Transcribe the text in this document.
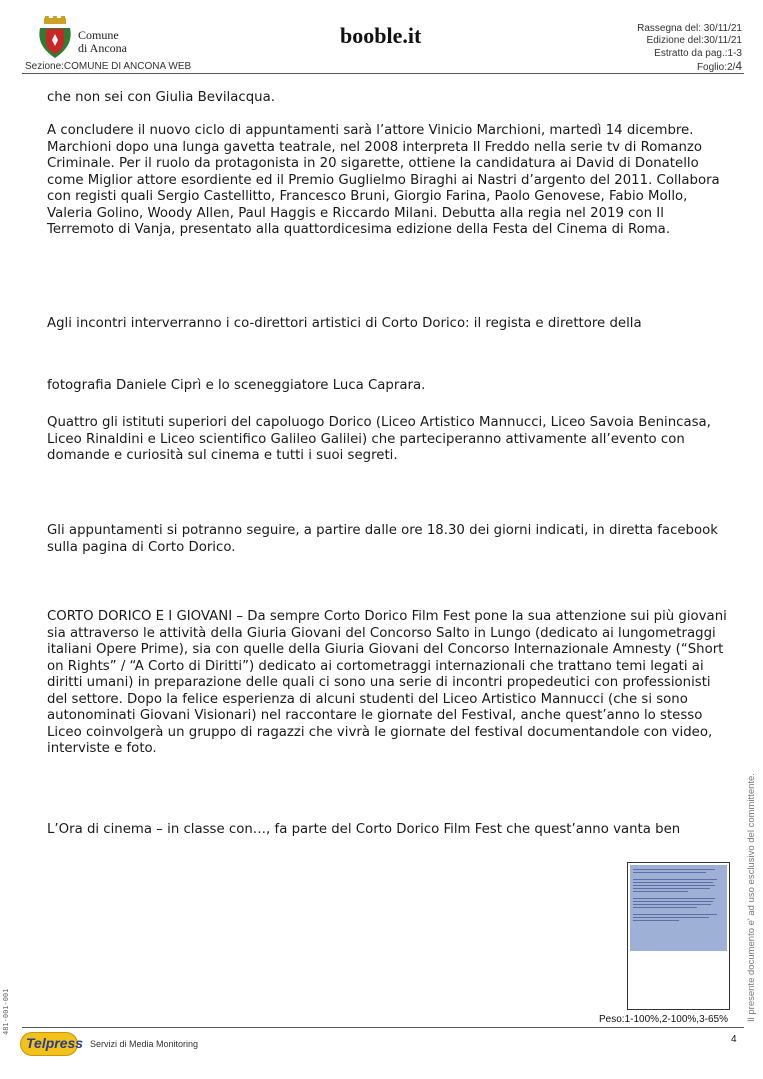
Comune
di Ancona	booble.it	Rassegna del: 30/11/21
Edizione del:30/11/21
Estratto da pag.:1-3
Foglio:2/4
Sezione:COMUNE DI ANCONA WEB
che non sei con Giulia Bevilacqua.
A concludere il nuovo ciclo di appuntamenti sarà l’attore Vinicio Marchioni, martedì 14 dicembre. Marchioni dopo una lunga gavetta teatrale, nel 2008 interpreta Il Freddo nella serie tv di Romanzo Criminale. Per il ruolo da protagonista in 20 sigarette, ottiene la candidatura ai David di Donatello come Miglior attore esordiente ed il Premio Guglielmo Biraghi ai Nastri d’argento del 2011. Collabora con registi quali Sergio Castellitto, Francesco Bruni, Giorgio Farina, Paolo Genovese, Fabio Mollo, Valeria Golino, Woody Allen, Paul Haggis e Riccardo Milani. Debutta alla regia nel 2019 con Il Terremoto di Vanja, presentato alla quattordicesima edizione della Festa del Cinema di Roma.
Agli incontri interverranno i co-direttori artistici di Corto Dorico: il regista e direttore della
fotografia Daniele Ciprì e lo sceneggiatore Luca Caprara.
Quattro gli istituti superiori del capoluogo Dorico (Liceo Artistico Mannucci, Liceo Savoia Benincasa, Liceo Rinaldini e Liceo scientifico Galileo Galilei) che parteciperanno attivamente all’evento con domande e curiosità sul cinema e tutti i suoi segreti.
Gli appuntamenti si potranno seguire, a partire dalle ore 18.30 dei giorni indicati, in diretta facebook sulla pagina di Corto Dorico.
CORTO DORICO E I GIOVANI – Da sempre Corto Dorico Film Fest pone la sua attenzione sui più giovani sia attraverso le attività della Giuria Giovani del Concorso Salto in Lungo (dedicato ai lungometraggi italiani Opere Prime), sia con quelle della Giuria Giovani del Concorso Internazionale Amnesty (“Short on Rights” / “A Corto di Diritti”) dedicato ai cortometraggi internazionali che trattano temi legati ai diritti umani) in preparazione delle quali ci sono una serie di incontri propedeutici con professionisti del settore. Dopo la felice esperienza di alcuni studenti del Liceo Artistico Mannucci (che si sono autonominati Giovani Visionari) nel raccontare le giornate del Festival, anche quest’anno lo stesso Liceo coinvolgerà un gruppo di ragazzi che vivrà le giornate del festival documentandole con video, interviste e foto.
L’Ora di cinema – in classe con…, fa parte del Corto Dorico Film Fest che quest’anno vanta ben
Peso:1-100%,2-100%,3-65%
4
Telpress Servizi di Media Monitoring
481-001-001	Il presente documento e' ad uso esclusivo del committente.
